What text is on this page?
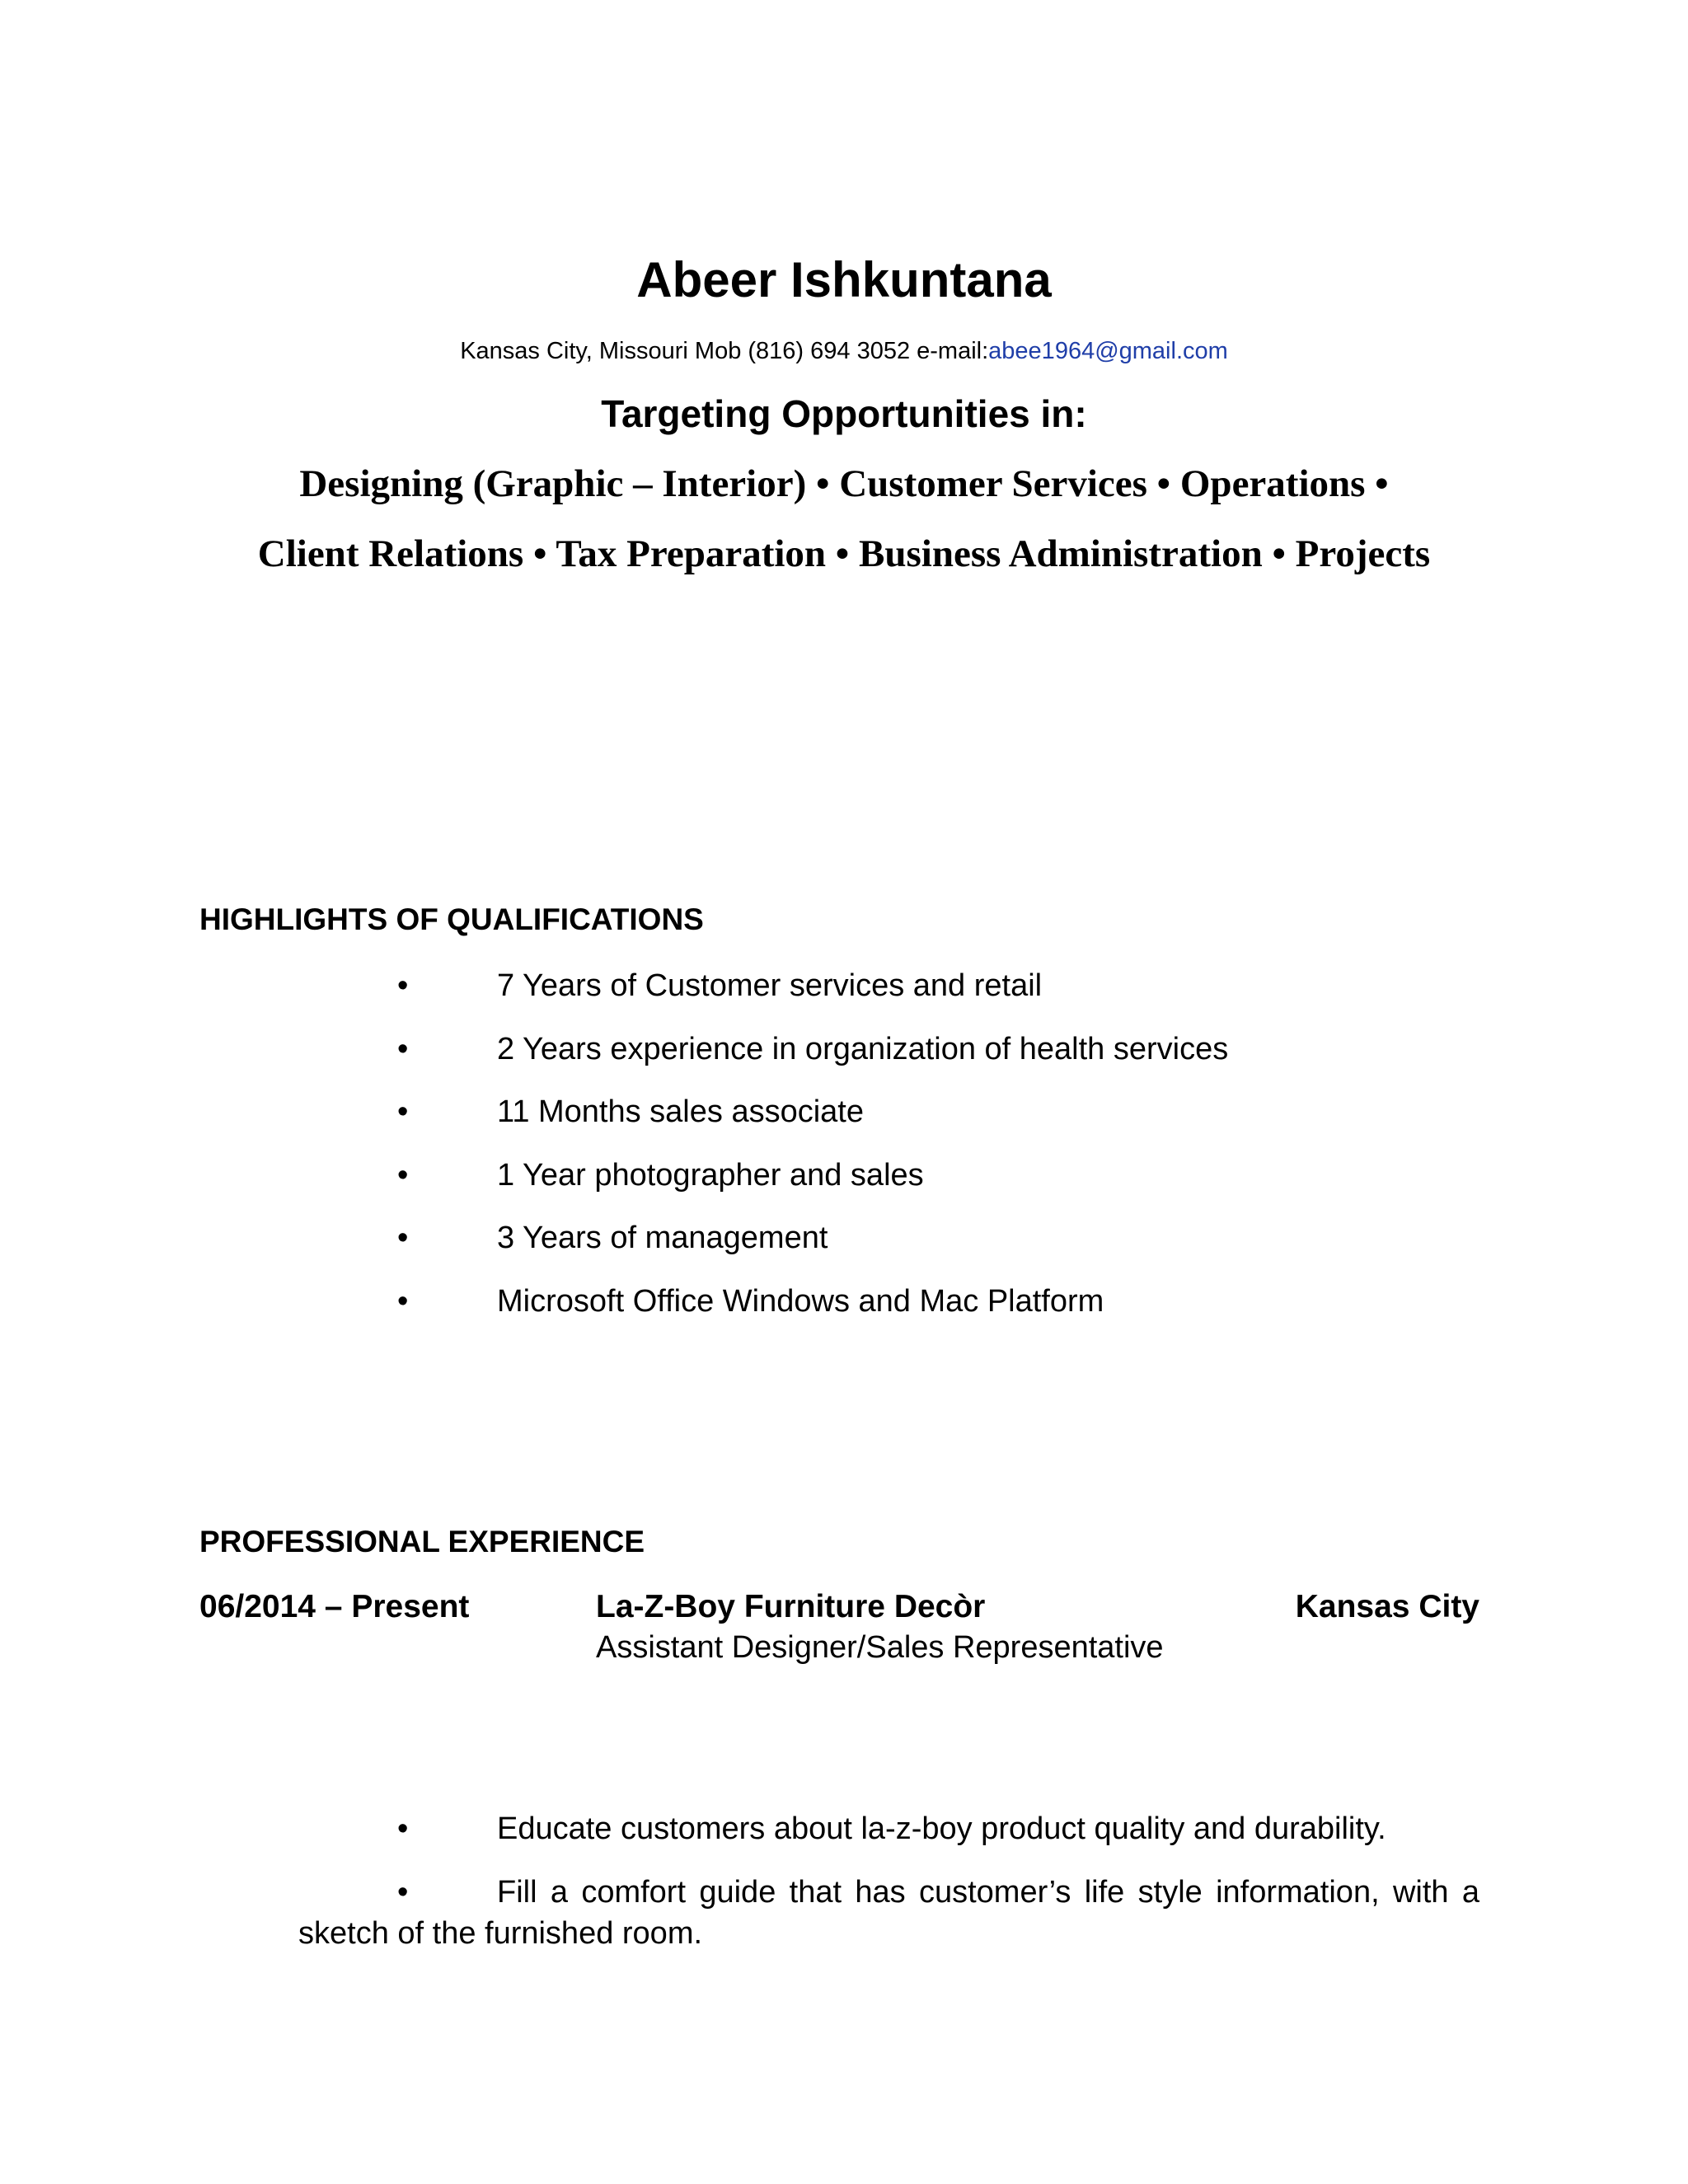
Abeer Ishkuntana
Kansas City, Missouri Mob (816) 694 3052 e-mail:abee1964@gmail.com
Targeting Opportunities in:
Designing (Graphic – Interior) • Customer Services • Operations •
Client Relations • Tax Preparation • Business Administration • Projects
HIGHLIGHTS OF QUALIFICATIONS
•	7 Years of Customer services and retail
•	2 Years experience in organization of health services
•	11 Months sales associate
•	1 Year photographer and sales
•	3 Years of management
•	Microsoft Office Windows and Mac Platform
PROFESSIONAL EXPERIENCE
06/2014 – Present	La-Z-Boy Furniture Decòr	Kansas City
Assistant Designer/Sales Representative
•	Educate customers about la-z-boy product quality and durability.
•	Fill a comfort guide that has customer’s life style information, with a
sketch of the furnished room.
